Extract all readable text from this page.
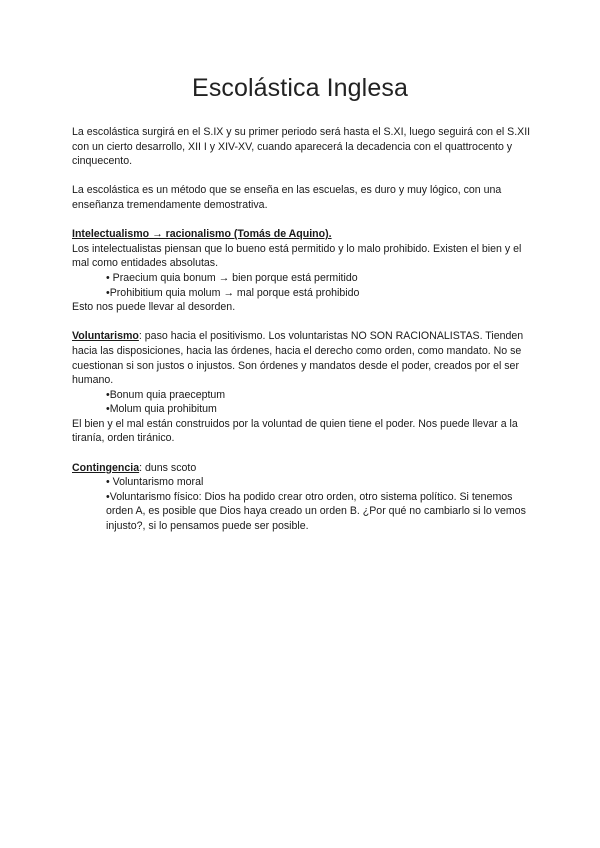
Escolástica Inglesa

La escolástica surgirá en el S.IX y su primer periodo será hasta el S.XI, luego seguirá con el S.XII con un cierto desarrollo, XII I y XIV-XV, cuando aparecerá la decadencia con el quattrocento y cinquecento.

La escolástica es un método que se enseña en las escuelas, es duro y muy lógico, con una enseñanza tremendamente demostrativa.

Intelectualismo → racionalismo (Tomás de Aquino).

Los intelectualistas piensan que lo bueno está permitido y lo malo prohibido. Existen el bien y el mal como entidades absolutas.

• Praecium quia bonum → bien porque está permitido
•Prohibitium quia molum → mal porque está prohibido

Esto nos puede llevar al desorden.

Voluntarismo: paso hacia el positivismo. Los voluntaristas NO SON RACIONALISTAS. Tienden hacia las disposiciones, hacia las órdenes, hacia el derecho como orden, como mandato. No se cuestionan si son justos o injustos. Son órdenes y mandatos desde el poder, creados por el ser humano.

•Bonum quia praeceptum
•Molum quia prohibitum

El bien y el mal están construidos por la voluntad de quien tiene el poder. Nos puede llevar a la tiranía, orden tiránico.

Contingencia: duns scoto

• Voluntarismo moral
•Voluntarismo físico: Dios ha podido crear otro orden, otro sistema político. Si tenemos orden A, es posible que Dios haya creado un orden B. ¿Por qué no cambiarlo si lo vemos injusto?, si lo pensamos puede ser posible.
